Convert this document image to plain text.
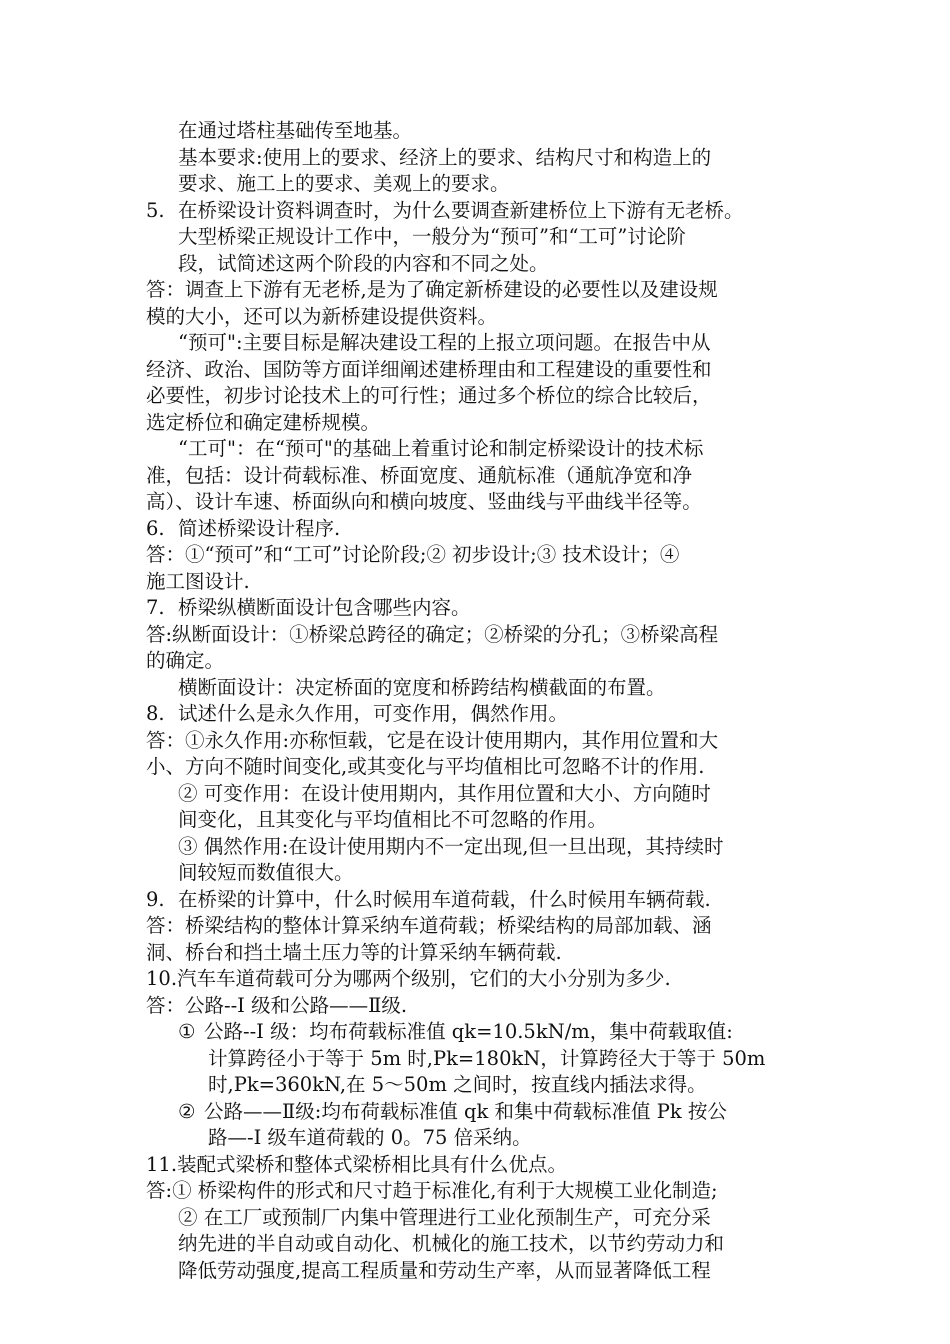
在通过塔柱基础传至地基。
基本要求:使用上的要求、经济上的要求、结构尺寸和构造上的
要求、施工上的要求、美观上的要求。
5. 在桥梁设计资料调查时，为什么要调查新建桥位上下游有无老桥。
大型桥梁正规设计工作中，一般分为“预可”和“工可”讨论阶
段，试简述这两个阶段的内容和不同之处。
答：调查上下游有无老桥,是为了确定新桥建设的必要性以及建设规
模的大小，还可以为新桥建设提供资料。
“预可":主要目标是解决建设工程的上报立项问题。在报告中从
经济、政治、国防等方面详细阐述建桥理由和工程建设的重要性和
必要性，初步讨论技术上的可行性；通过多个桥位的综合比较后，
选定桥位和确定建桥规模。
“工可"：在“预可"的基础上着重讨论和制定桥梁设计的技术标
准，包括：设计荷载标准、桥面宽度、通航标准（通航净宽和净
高）、设计车速、桥面纵向和横向坡度、竖曲线与平曲线半径等。
6. 简述桥梁设计程序.
答：①“预可”和“工可”讨论阶段;② 初步设计;③ 技术设计；④
施工图设计.
7. 桥梁纵横断面设计包含哪些内容。
答:纵断面设计：①桥梁总跨径的确定；②桥梁的分孔；③桥梁高程
的确定。
横断面设计：决定桥面的宽度和桥跨结构横截面的布置。
8. 试述什么是永久作用，可变作用，偶然作用。
答：①永久作用:亦称恒载，它是在设计使用期内，其作用位置和大
小、方向不随时间变化,或其变化与平均值相比可忽略不计的作用.
② 可变作用：在设计使用期内，其作用位置和大小、方向随时
间变化，且其变化与平均值相比不可忽略的作用。
③ 偶然作用:在设计使用期内不一定出现,但一旦出现，其持续时
间较短而数值很大。
9. 在桥梁的计算中，什么时候用车道荷载，什么时候用车辆荷载.
答：桥梁结构的整体计算采纳车道荷载；桥梁结构的局部加载、涵
洞、桥台和挡土墙土压力等的计算采纳车辆荷载.
10.汽车车道荷载可分为哪两个级别，它们的大小分别为多少.
答：公路--Ⅰ 级和公路——Ⅱ级.
① 公路--Ⅰ 级：均布荷载标准值 qk=10.5kN/m，集中荷载取值:
计算跨径小于等于 5m 时,Pk=180kN，计算跨径大于等于 50m
时,Pk=360kN,在 5～50m 之间时，按直线内插法求得。
② 公路——Ⅱ级:均布荷载标准值 qk 和集中荷载标准值 Pk 按公
路—-Ⅰ 级车道荷载的 0。75 倍采纳。
11.装配式梁桥和整体式梁桥相比具有什么优点。
答:① 桥梁构件的形式和尺寸趋于标准化,有利于大规模工业化制造;
② 在工厂或预制厂内集中管理进行工业化预制生产，可充分采
纳先进的半自动或自动化、机械化的施工技术，以节约劳动力和
降低劳动强度,提高工程质量和劳动生产率，从而显著降低工程
